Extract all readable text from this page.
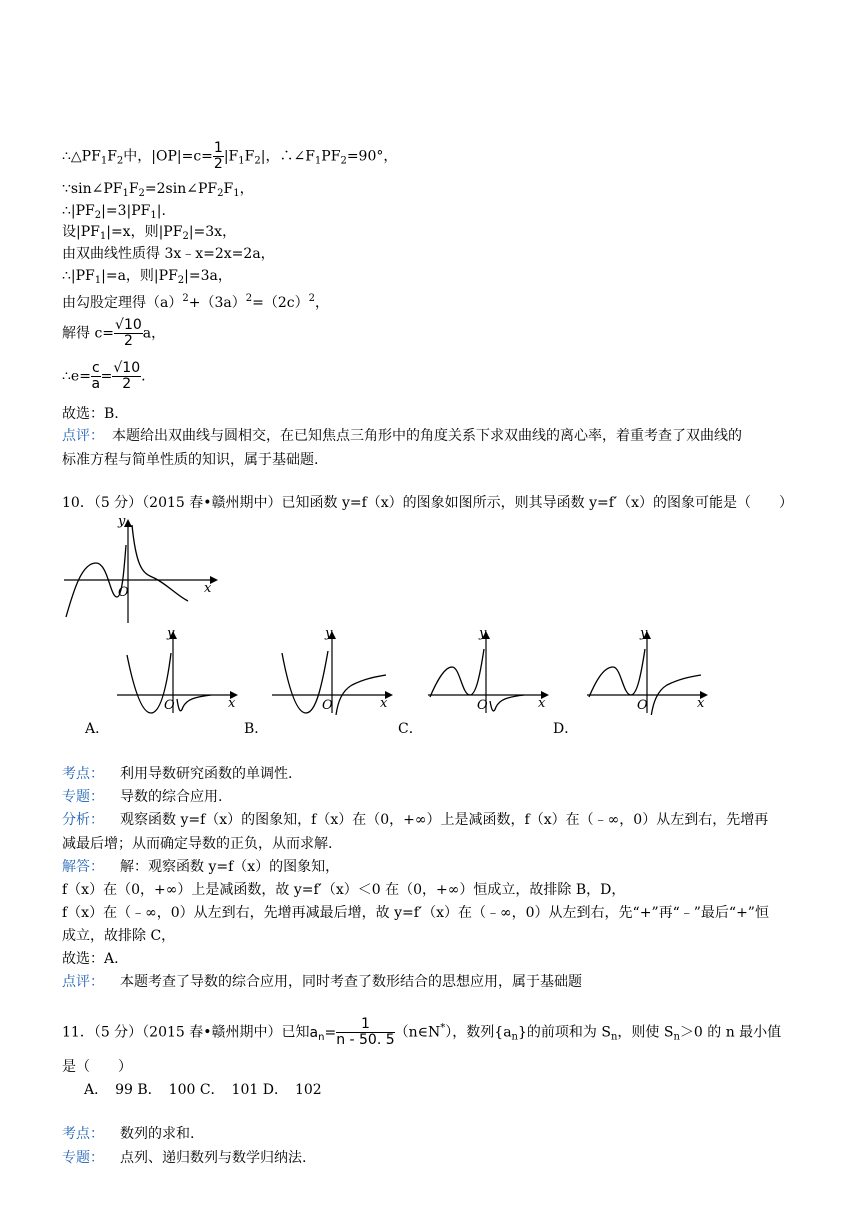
$\therefore\triangle PF_1F_2$中，$|OP|=c= \frac{1}{2} |F_1F_2|$，$\therefore\angle F_1PF_2=90^\circ$，
$\because\sin\angle PF_1F_2=2\sin\angle PF_2F_1$，
$\therefore|PF_2|=3|PF_1|$.
设$|PF_1|=x$，则$|PF_2|=3x$，
由双曲线性质得 3x﹣x=2x=2a，
$\therefore|PF_1|=a$，则$|PF_2|=3a$，
由勾股定理得$(a)^2+(3a)^2=(2c)^2$，
解得 $c= \frac{√10}{2}$ a，
∴e= $\frac{c}{a} = \frac{√10}{2}$ .
故选：B.
点评： 本题给出双曲线与圆相交，在已知焦点三角形中的角度关系下求双曲线的离心率，着重考查了双曲线的
标准方程与简单性质的知识，属于基础题.
10．（5 分）（2015 春•赣州期中）已知函数 y=f（x）的图象如图所示，则其导函数 y=f′（x）的图象可能是（　　）
y
x
O
y
x
O
A．
y
x
O
B．
y
x
O
C．
y
x
O
D．
考点： 利用导数研究函数的单调性.
专题： 导数的综合应用.
分析： 观察函数 y=f（x）的图象知，f（x）在（0，+∞）上是减函数，f（x）在（﹣∞，0）从左到右，先增再
减最后增；从而确定导数的正负，从而求解.
解答： 解：观察函数 y=f（x）的图象知，
f（x）在（0，+∞）上是减函数，故 y=f′（x）＜0 在（0，+∞）恒成立，故排除 B，D，
f（x）在（﹣∞，0）从左到右，先增再减最后增，故 y=f′（x）在（﹣∞，0）从左到右，先“+”再“﹣”最后“+”恒
成立，故排除 C，
故选：A.
点评： 本题考查了导数的综合应用，同时考查了数形结合的思想应用，属于基础题
11．（5 分）（2015 春•赣州期中）已知$a_n= \frac{1}{n - 50. 5}$ （n∈N*），数列$\{a_n\}$的前项和为 $S_n$，则使 $S_n>0$ 的 n 最小值
是（　　）
A．　99 B．　100 C．　101 D．　102
考点： 数列的求和.
专题： 点列、递归数列与数学归纳法.
